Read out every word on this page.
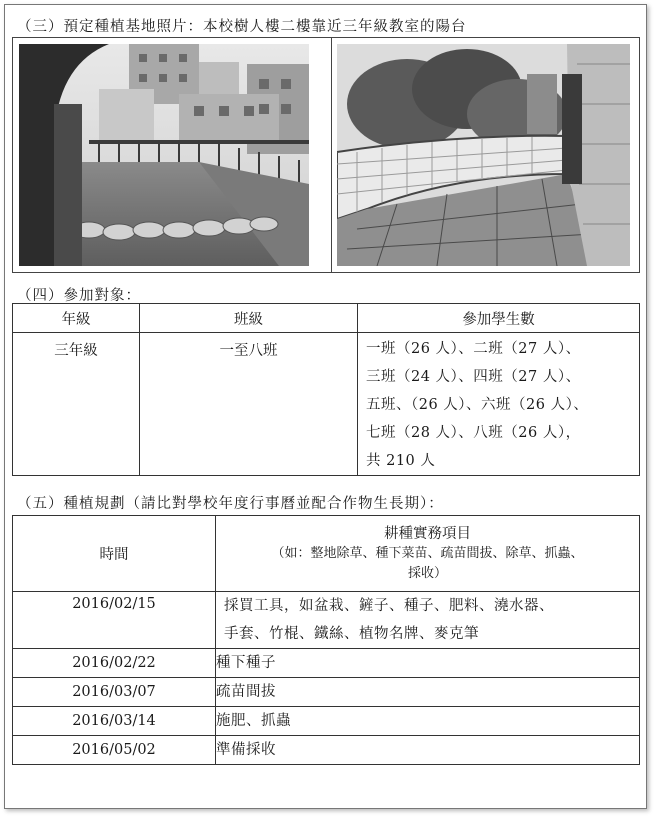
（三）預定種植基地照片：本校樹人樓二樓靠近三年級教室的陽台

（四）參加對象：
年級	班級	參加學生數
三年級	一至八班	一班（26 人）、二班（27 人）、
三班（24 人）、四班（27 人）、
五班、（26 人）、六班（26 人）、
七班（28 人）、八班（26 人），
共 210 人
（五）種植規劃（請比對學校年度行事曆並配合作物生長期）：
時間	耕種實務項目
（如：整地除草、種下菜苗、疏苗間拔、除草、抓蟲、
採收）

2016/02/15	採買工具，如盆栽、鏟子、種子、肥料、澆水器、
手套、竹棍、鐵絲、植物名牌、麥克筆

2016/02/22	種下種子
2016/03/07	疏苗間拔
2016/03/14	施肥、抓蟲
2016/05/02	準備採收
